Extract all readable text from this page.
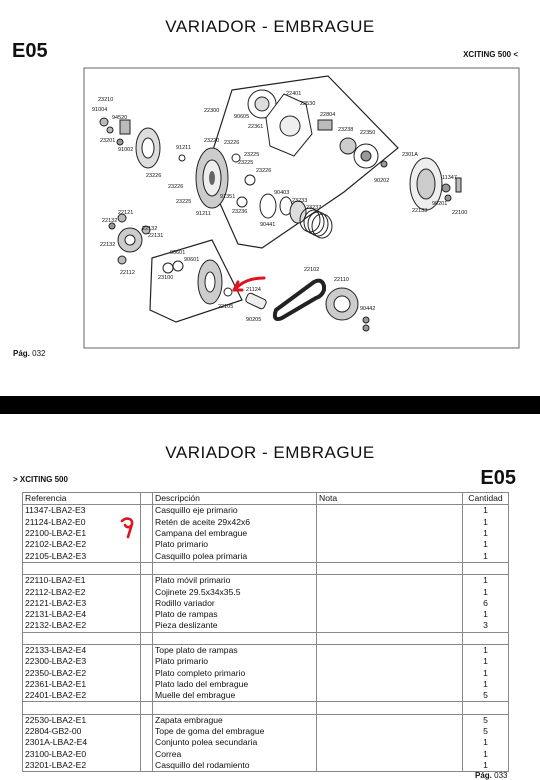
VARIADOR - EMBRAGUE
E05	XCITING 500 <
23210
91004
94520
23201
91002
22300
22401
22530
90605
22361
22804
23238 22350
90202
2301A
91211
23220 23226
23225
23225
23226
23226
23226
23225
91211
91351
23236
90403
23233
23237
90441
11347
90201
22100
22133
22132
22121
22132
22131
22132
22112
90601
90601
23100
22102
22110
21124
22105
90205
90442
Pág. 032
VARIADOR - EMBRAGUE
> XCITING 500	E05
Referencia		Descripción	Nota	Cantidad
11347-LBA2-E3		Casquillo eje primario		1
21124-LBA2-E0		Retén de aceite 29x42x6		1
22100-LBA2-E1		Campana del embrague		1
22102-LBA2-E2		Plato primario		1
22105-LBA2-E3		Casquillo polea primaria		1

22110-LBA2-E1		Plato móvil primario		1
22112-LBA2-E2		Cojinete 29.5x34x35.5		1
22121-LBA2-E3		Rodillo variador		6
22131-LBA2-E4		Plato de rampas		1
22132-LBA2-E2		Pieza deslizante		3

22133-LBA2-E4		Tope plato de rampas		1
22300-LBA2-E3		Plato primario		1
22350-LBA2-E2		Plato completo primario		1
22361-LBA2-E1		Plato lado del embrague		1
22401-LBA2-E2		Muelle del embrague		5

22530-LBA2-E1		Zapata embrague		5
22804-GB2-00		Tope de goma del embrague		5
2301A-LBA2-E4		Conjunto polea secundaria		1
23100-LBA2-E0		Correa		1
23201-LBA2-E2		Casquillo del rodamiento		1
Pág. 033
